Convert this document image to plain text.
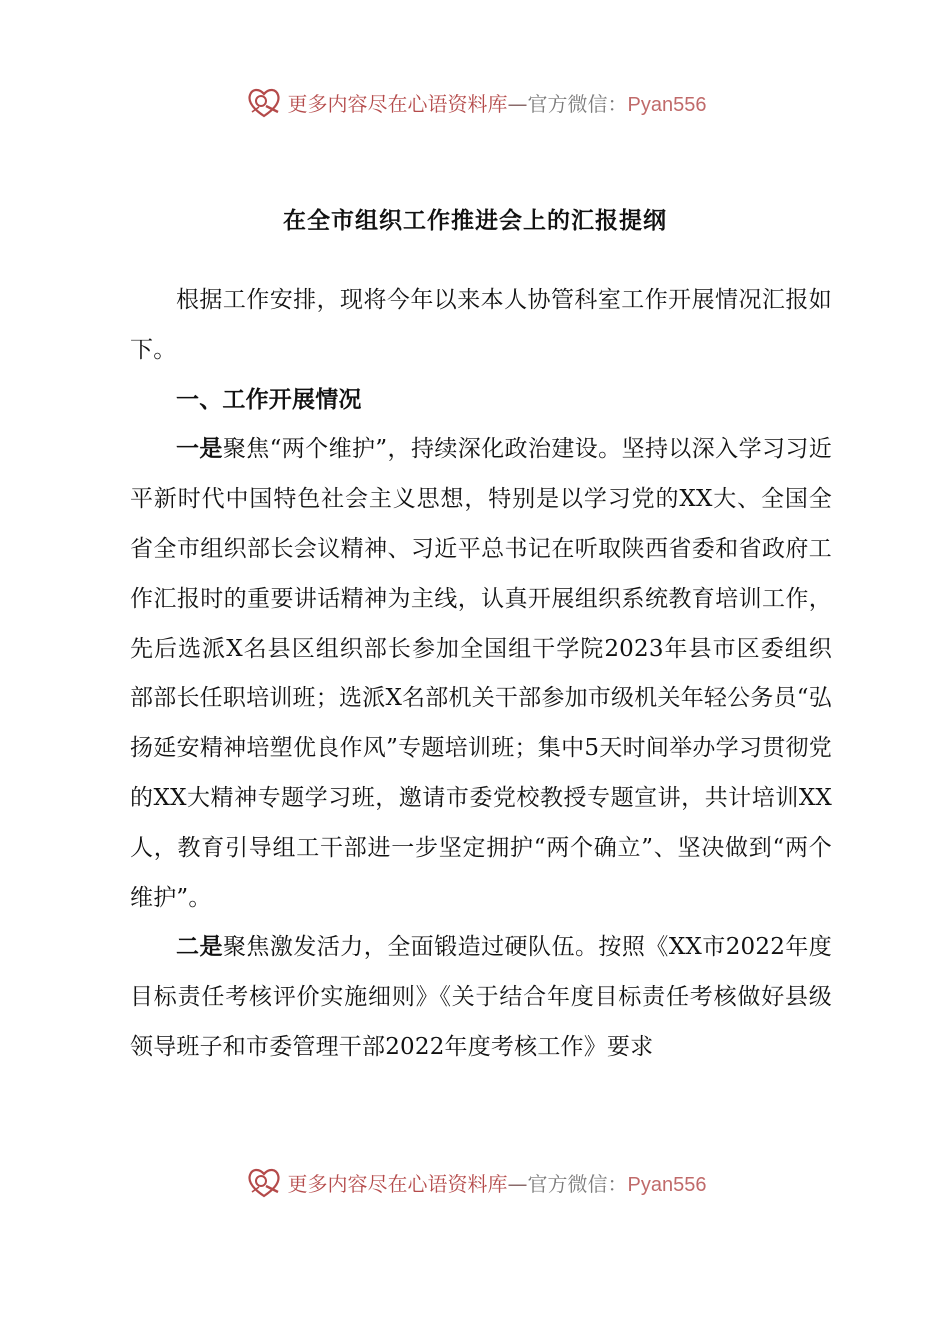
更多内容尽在心语资料库—官方微信：Pyan556
在全市组织工作推进会上的汇报提纲

根据工作安排，现将今年以来本人协管科室工作开展情况汇报如下。

一、工作开展情况

一是聚焦“两个维护”，持续深化政治建设。坚持以深入学习习近平新时代中国特色社会主义思想，特别是以学习党的XX大、全国全省全市组织部长会议精神、习近平总书记在听取陕西省委和省政府工作汇报时的重要讲话精神为主线，认真开展组织系统教育培训工作，先后选派X名县区组织部长参加全国组干学院2023年县市区委组织部部长任职培训班；选派X名部机关干部参加市级机关年轻公务员“弘扬延安精神培塑优良作风”专题培训班；集中5天时间举办学习贯彻党的XX大精神专题学习班，邀请市委党校教授专题宣讲，共计培训XX人，教育引导组工干部进一步坚定拥护“两个确立”、坚决做到“两个维护”。

二是聚焦激发活力，全面锻造过硬队伍。按照《XX市2022年度目标责任考核评价实施细则》《关于结合年度目标责任考核做好县级领导班子和市委管理干部2022年度考核工作》要求

更多内容尽在心语资料库—官方微信：Pyan556
